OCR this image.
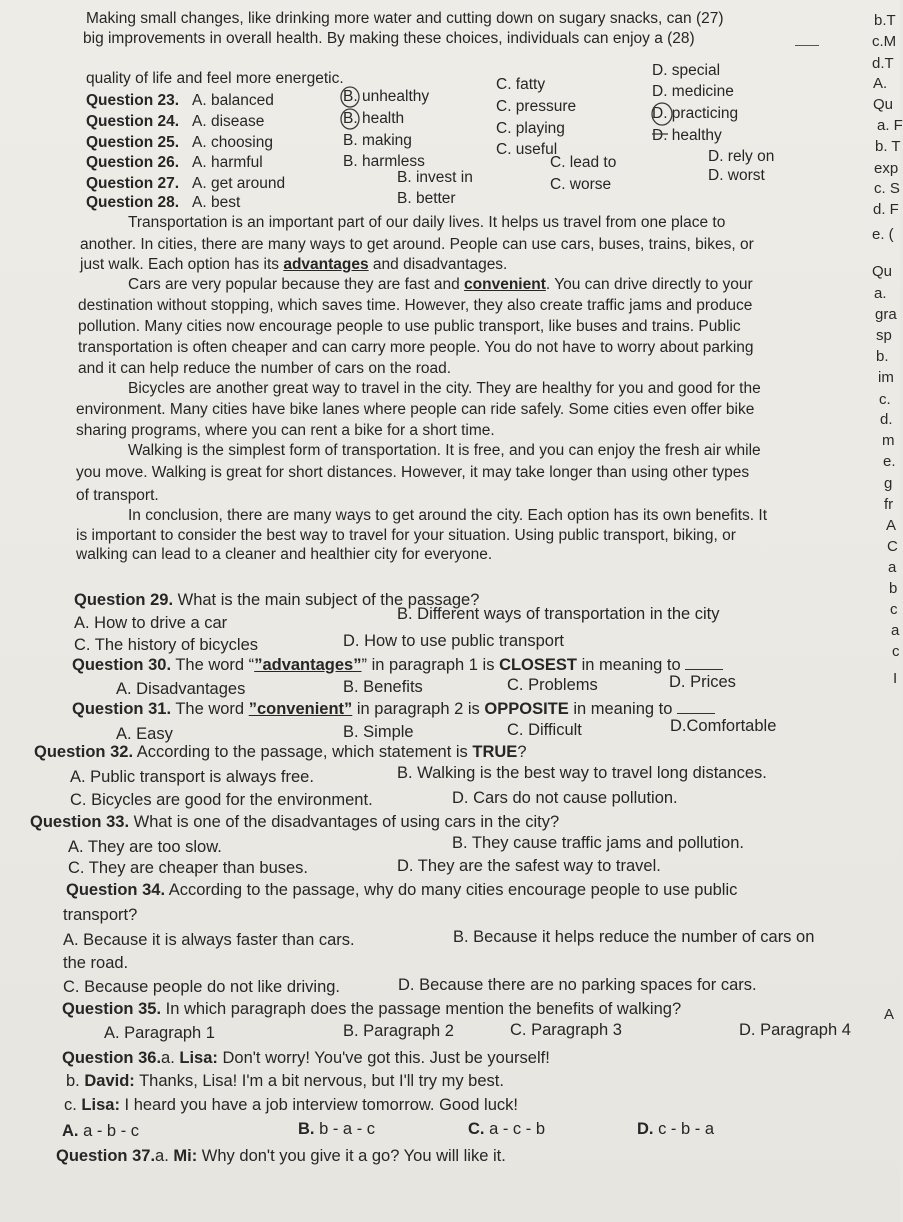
Making small changes, like drinking more water and cutting down on sugary snacks, can (27)
big improvements in overall health. By making these choices, individuals can enjoy a (28)
quality of life and feel more energetic.
Question 23. A. balanced	B. unhealthy
C. fatty
D. special
Question 24. A. disease	B. health
C. pressure
D. medicine
Question 25. A. choosing	B. making
C. playing
D. practicing
Question 26. A. harmful	B. harmless
C. useful
D. healthy
Question 27. A. get around	B. invest in
C. lead to	D. rely on
Question 28. A. best	B. better
C. worse
D. worst
Transportation is an important part of our daily lives. It helps us travel from one place to
another. In cities, there are many ways to get around. People can use cars, buses, trains, bikes, or
just walk. Each option has its advantages and disadvantages.
Cars are very popular because they are fast and convenient. You can drive directly to your
destination without stopping, which saves time. However, they also create traffic jams and produce
pollution. Many cities now encourage people to use public transport, like buses and trains. Public
transportation is often cheaper and can carry more people. You do not have to worry about parking
and it can help reduce the number of cars on the road.
Bicycles are another great way to travel in the city. They are healthy for you and good for the
environment. Many cities have bike lanes where people can ride safely. Some cities even offer bike
sharing programs, where you can rent a bike for a short time.
Walking is the simplest form of transportation. It is free, and you can enjoy the fresh air while
you move. Walking is great for short distances. However, it may take longer than using other types
of transport.
In conclusion, there are many ways to get around the city. Each option has its own benefits. It
is important to consider the best way to travel for your situation. Using public transport, biking, or
walking can lead to a cleaner and healthier city for everyone.
Question 29. What is the main subject of the passage?
A. How to drive a car	B. Different ways of transportation in the city
C. The history of bicycles	D. How to use public transport
Question 30. The word “”advantages”” in paragraph 1 is CLOSEST in meaning to
A. Disadvantages	B. Benefits	C. Problems	D. Prices
Question 31. The word ”convenient” in paragraph 2 is OPPOSITE in meaning to
A. Easy	B. Simple	C. Difficult	D.Comfortable
Question 32. According to the passage, which statement is TRUE?
A. Public transport is always free.	B. Walking is the best way to travel long distances.
C. Bicycles are good for the environment.	D. Cars do not cause pollution.
Question 33. What is one of the disadvantages of using cars in the city?
A. They are too slow.	B. They cause traffic jams and pollution.
C. They are cheaper than buses.	D. They are the safest way to travel.
Question 34. According to the passage, why do many cities encourage people to use public
transport?
A. Because it is always faster than cars.	B. Because it helps reduce the number of cars on
the road.
C. Because people do not like driving.	D. Because there are no parking spaces for cars.
Question 35. In which paragraph does the passage mention the benefits of walking?
A. Paragraph 1	B. Paragraph 2	C. Paragraph 3	D. Paragraph 4
Question 36.a. Lisa: Don't worry! You've got this. Just be yourself!
b. David: Thanks, Lisa! I'm a bit nervous, but I'll try my best.
c. Lisa: I heard you have a job interview tomorrow. Good luck!
A. a - b - c	B. b - a - c	C. a - c - b	D. c - b - a
Question 37.a. Mi: Why don't you give it a go? You will like it.
b.T
c.M
d.T
A.
Qu
a. F
b. T
exp
c. S
d. F
e. (
Qu
a.
gra
sp
b.
im
c.
d.
m
e.
g
fr
A
C
a
b
c
a
c
I
A
